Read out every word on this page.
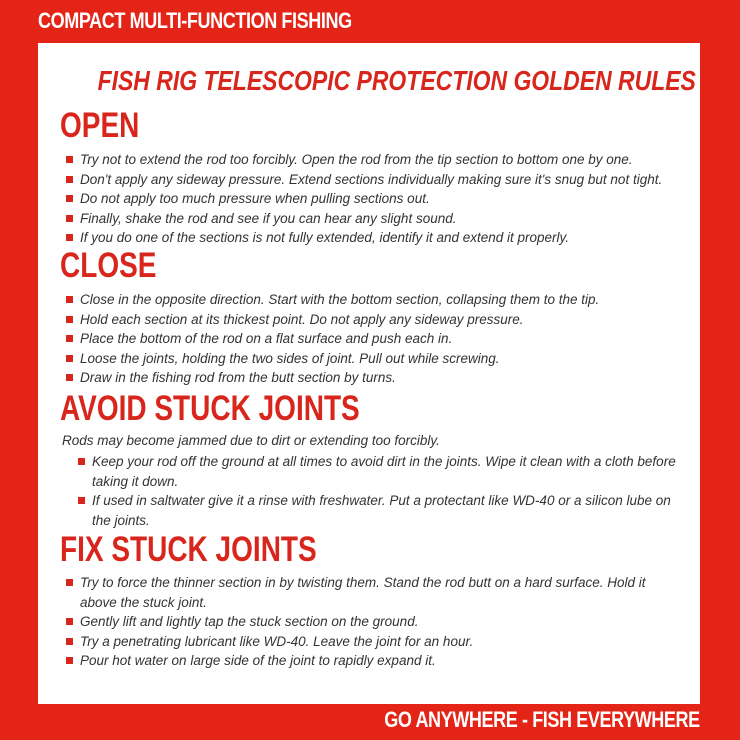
COMPACT MULTI-FUNCTION FISHING
FISH RIG TELESCOPIC PROTECTION GOLDEN RULES
OPEN
Try not to extend the rod too forcibly. Open the rod from the tip section to bottom one by one.
Don't apply any sideway pressure. Extend sections individually making sure it's snug but not tight.
Do not apply too much pressure when pulling sections out.
Finally, shake the rod and see if you can hear any slight sound.
If you do one of the sections is not fully extended, identify it and extend it properly.
CLOSE
Close in the opposite direction. Start with the bottom section, collapsing them to the tip.
Hold each section at its thickest point. Do not apply any sideway pressure.
Place the bottom of the rod on a flat surface and push each in.
Loose the joints, holding the two sides of joint. Pull out while screwing.
Draw in the fishing rod from the butt section by turns.
AVOID STUCK JOINTS
Rods may become jammed due to dirt or extending too forcibly.
Keep your rod off the ground at all times to avoid dirt in the joints. Wipe it clean with a cloth before taking it down.
If used in saltwater give it a rinse with freshwater. Put a protectant like WD-40 or a silicon lube on the joints.
FIX STUCK JOINTS
Try to force the thinner section in by twisting them. Stand the rod butt on a hard surface. Hold it above the stuck joint.
Gently lift and lightly tap the stuck section on the ground.
Try a penetrating lubricant like WD-40. Leave the joint for an hour.
Pour hot water on large side of the joint to rapidly expand it.
GO ANYWHERE - FISH EVERYWHERE
